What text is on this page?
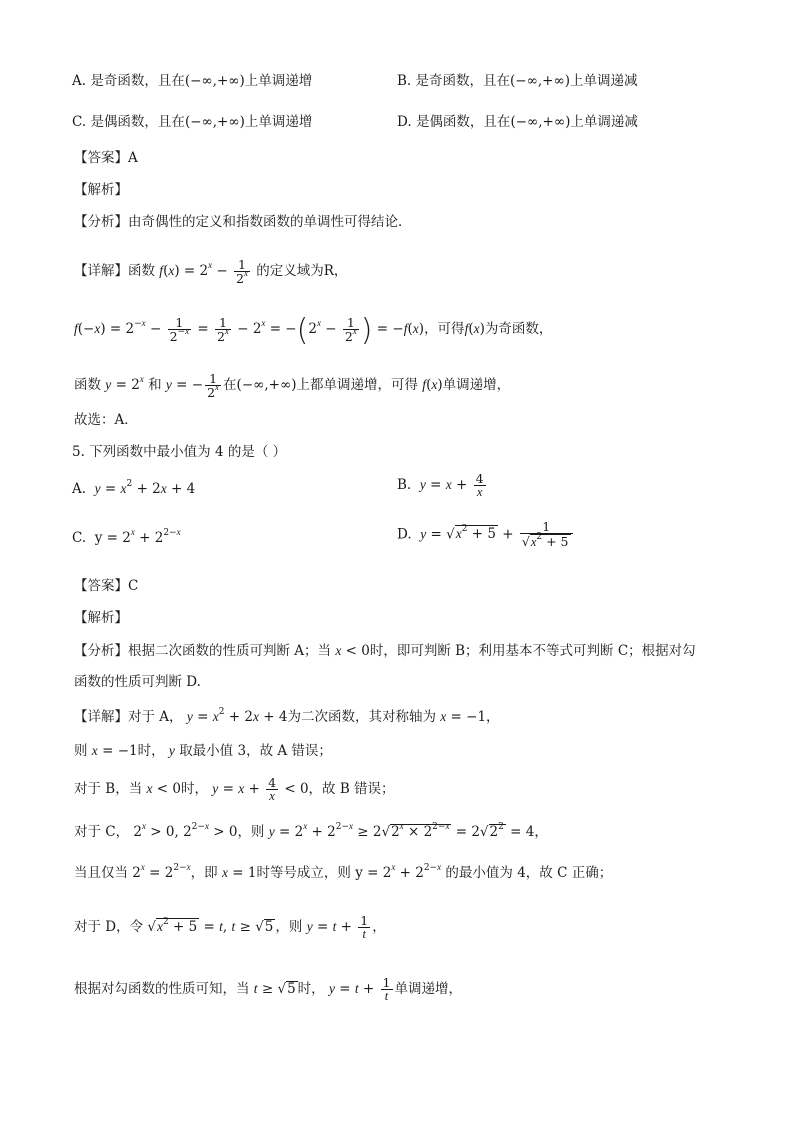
A. 是奇函数，且在(−∞,+∞)上单调递增	B. 是奇函数，且在(−∞,+∞)上单调递减
C. 是偶函数，且在(−∞,+∞)上单调递增	D. 是偶函数，且在(−∞,+∞)上单调递减
【答案】A
【解析】
【分析】由奇偶性的定义和指数函数的单调性可得结论．
【详解】函数 $f(x) = 2^x - \frac{1}{2^x}$ 的定义域为R，
$f(-x) = 2^{-x} - \frac{1}{2^{-x}} = \frac{1}{2^x} - 2^x = -(2^x - \frac{1}{2^x}$ ) = −f(x)，可得f(x)为奇函数，
函数 $y = 2^x$ 和 y = − $\frac{1}{2^x}$ 在(−∞,+∞)上都单调递增，可得 f(x)单调递增，
故选：A．
5. 下列函数中最小值为 4 的是（ ）
A. $y = x^2 + 2x + 4$	B. $y = x + \frac{4}{x}$
C.  $y = 2^x + 2^{2-x}$	D. $y = √x^2 + 5 + \frac{1}{√x^2 + 5}$
【答案】C
【解析】
【分析】根据二次函数的性质可判断 A；当 x < 0时，即可判断 B；利用基本不等式可判断 C；根据对勾
函数的性质可判断 D.
【详解】对于 A， $y = x^2 + 2x + 4$为二次函数，其对称轴为 x = −1，
则 x = −1时， y 取最小值 3，故 A 错误；
对于 B，当 x < 0时， $y = x + \frac{4}{x} < 0$，故 B 错误；
对于 C， $2^x > 0$, $2^{2-x} > 0$，则 $y = 2^x + 2^{2-x} \ge 2√2^x \times 2^{2-x} = 2√2^2 = 4$，
当且仅当 $2^x = 2^{2-x}$，即 x = 1时等号成立，则 $y = 2^x + 2^{2-x}$ 的最小值为 4，故 C 正确；
对于 D，令 $√x^2 + 5 = t$, t ≥ √5 ，则 $y = t + \frac{1}{t}$ ，
根据对勾函数的性质可知，当 t ≥ √5 时， $y = t + \frac{1}{t}$ 单调递增，
